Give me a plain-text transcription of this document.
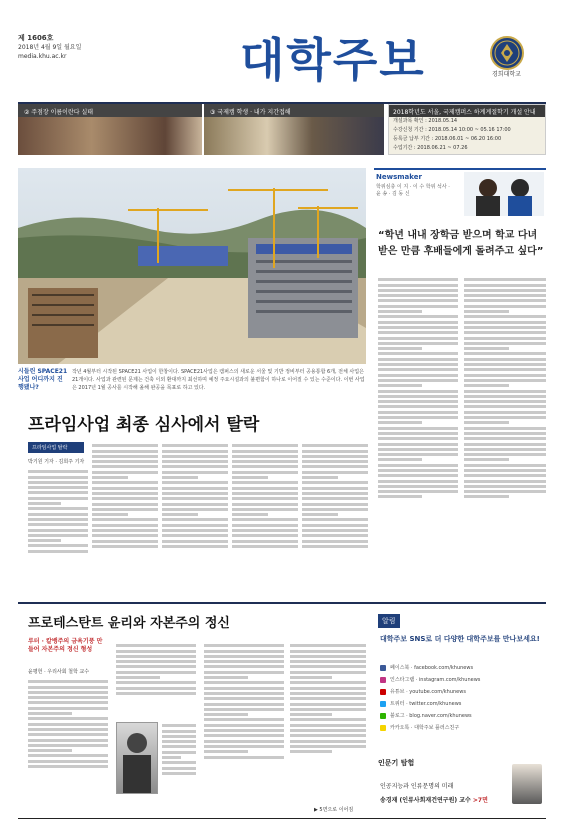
제 1606호
2018년 4월 9일 월요일
media.khu.ac.kr	대학주보	경희대학교
② 주점장 이름이란다 실태	③ 국제캠 학생 · 내가 지간접해	2018학년도 서울, 국제캠퍼스 하계계절학기 개설 안내
개설과목 확인 : 2018.05.14
수강신청 기간 : 2018.05.14 10:00 ~ 05.16 17:00
등록금 납부 기간 : 2018.06.01 ~ 06.20 16:00
수업기간 : 2018.06.21 ~ 07.26
시들린 SPACE21 사업 어디까지 진행됐나?
작년 4월부터 시작된 SPACE21 사업이 한창이다. SPACE21사업은 캠퍼스의 새로운 서울 및 기반 정비부터 공용통합 6개, 전체 사업은 21개이다. 사업과 관련된 문제는 건축 이외 환대까지 최선하며 예정 주요시설과의 불편함이 하나로 이어질 수 있는 수준이다. 이번 사업은 2017년 1월 공사를 시작해 올해 완공을 목표로 하고 있다.
Newsmaker
학위심층 이 지 · 이 수 학위 석사 · 윤 송 · 김 동 신
“학년 내내 장학금 받으며 학교 다녀 받은 만큼 후배들에게 돌려주고 싶다”
프라임사업 최종 심사에서 탈락
프라임사업 탈락
박기원 기자 · 김희주 기자
프로테스탄트 윤리와 자본주의 정신
루터 · 칼뱅주의 금욕기풍 만들어 자본주의 정신 형성
윤평헌 · 우리사회 철학 교수
▶ 5면으로 이어짐
알림
대학주보 SNS로 더 다양한 대학주보를 만나보세요!
페이스북 · facebook.com/khunews
인스타그램 · instagram.com/khunews
유튜브 · youtube.com/khunews
트위터 · twitter.com/khunews
블로그 · blog.naver.com/khunews
카카오톡 · 대학주보 플러스친구
인문기 탐험
인공지능과 인류문명의 미래
송경재 (인류사회재건연구원) 교수 >7면
